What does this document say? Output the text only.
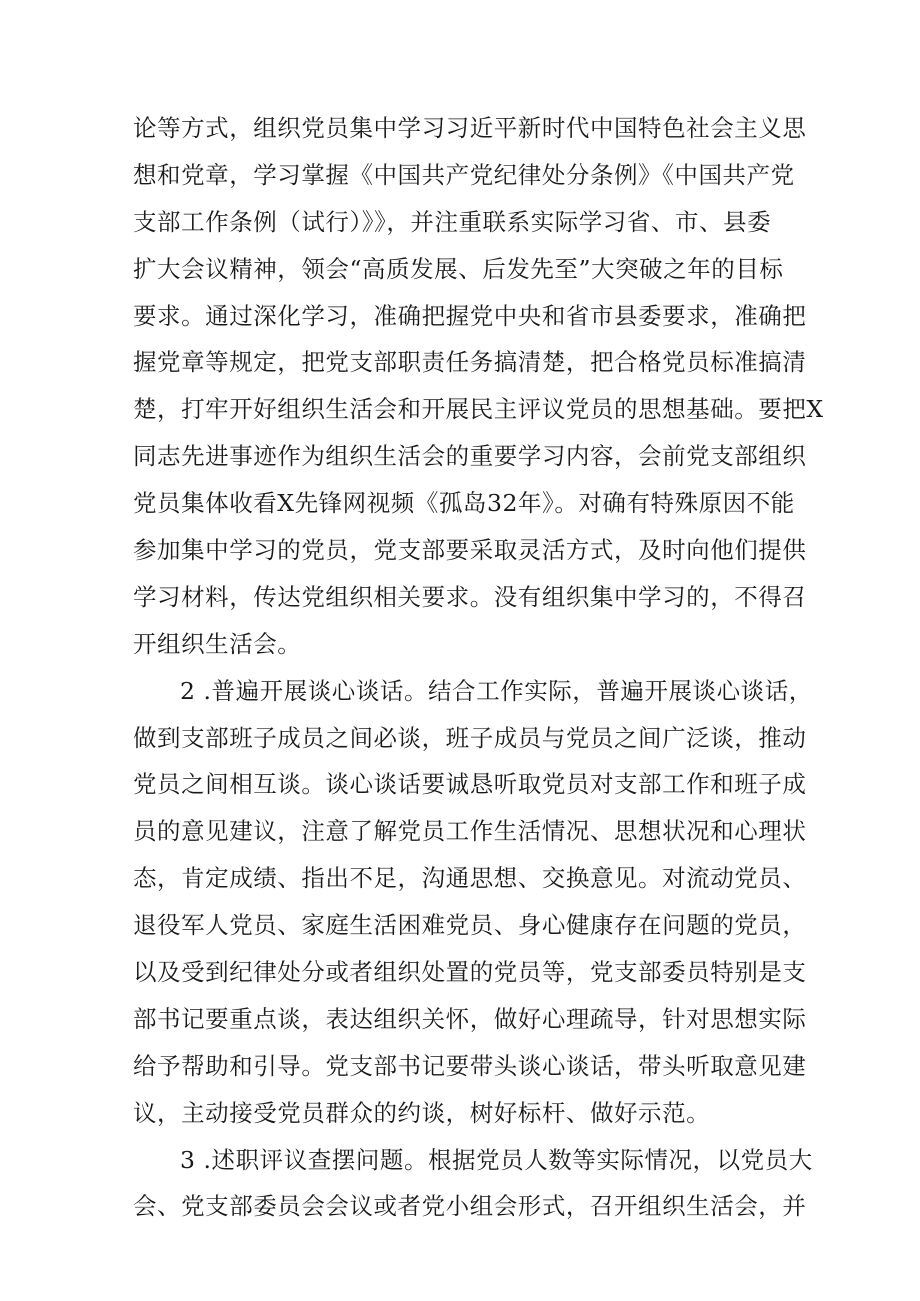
论等方式，组织党员集中学习习近平新时代中国特色社会主义思
想和党章，学习掌握《中国共产党纪律处分条例》《中国共产党
支部工作条例（试行）》》，并注重联系实际学习省、市、县委
扩大会议精神，领会“高质发展、后发先至”大突破之年的目标
要求。通过深化学习，准确把握党中央和省市县委要求，准确把
握党章等规定，把党支部职责任务搞清楚，把合格党员标准搞清
楚，打牢开好组织生活会和开展民主评议党员的思想基础。要把X
同志先进事迹作为组织生活会的重要学习内容，会前党支部组织
党员集体收看X先锋网视频《孤岛32年》。对确有特殊原因不能
参加集中学习的党员，党支部要采取灵活方式，及时向他们提供
学习材料，传达党组织相关要求。没有组织集中学习的，不得召
开组织生活会。
2 .普遍开展谈心谈话。结合工作实际，普遍开展谈心谈话，
做到支部班子成员之间必谈，班子成员与党员之间广泛谈，推动
党员之间相互谈。谈心谈话要诚恳听取党员对支部工作和班子成
员的意见建议，注意了解党员工作生活情况、思想状况和心理状
态，肯定成绩、指出不足，沟通思想、交换意见。对流动党员、
退役军人党员、家庭生活困难党员、身心健康存在问题的党员，
以及受到纪律处分或者组织处置的党员等，党支部委员特别是支
部书记要重点谈，表达组织关怀，做好心理疏导，针对思想实际
给予帮助和引导。党支部书记要带头谈心谈话，带头听取意见建
议，主动接受党员群众的约谈，树好标杆、做好示范。
3 .述职评议查摆问题。根据党员人数等实际情况，以党员大
会、党支部委员会会议或者党小组会形式，召开组织生活会，并
